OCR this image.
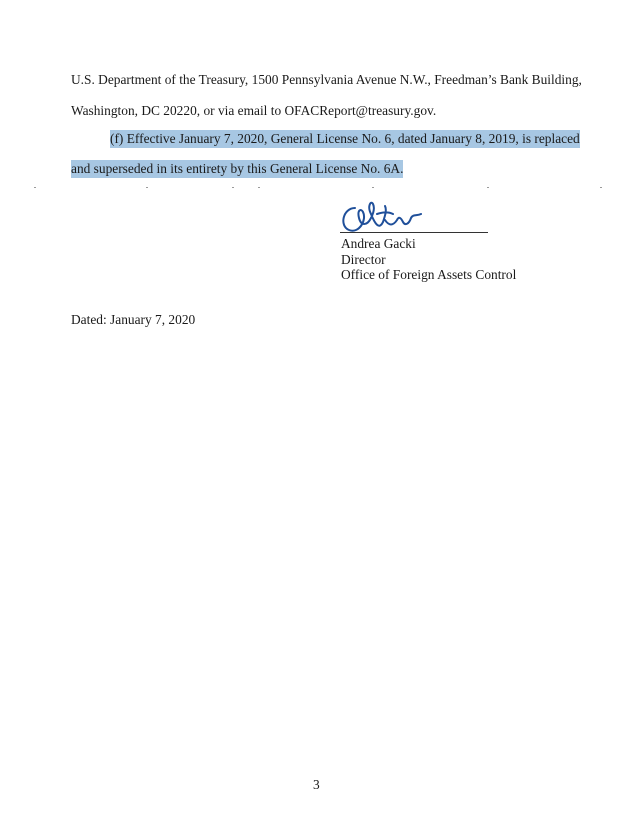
U.S. Department of the Treasury, 1500 Pennsylvania Avenue N.W., Freedman’s Bank Building,
Washington, DC 20220, or via email to OFACReport@treasury.gov.
(f) Effective January 7, 2020, General License No. 6, dated January 8, 2019, is replaced
and superseded in its entirety by this General License No. 6A.
Andrea Gacki
Director
Office of Foreign Assets Control
Dated: January 7, 2020
3
